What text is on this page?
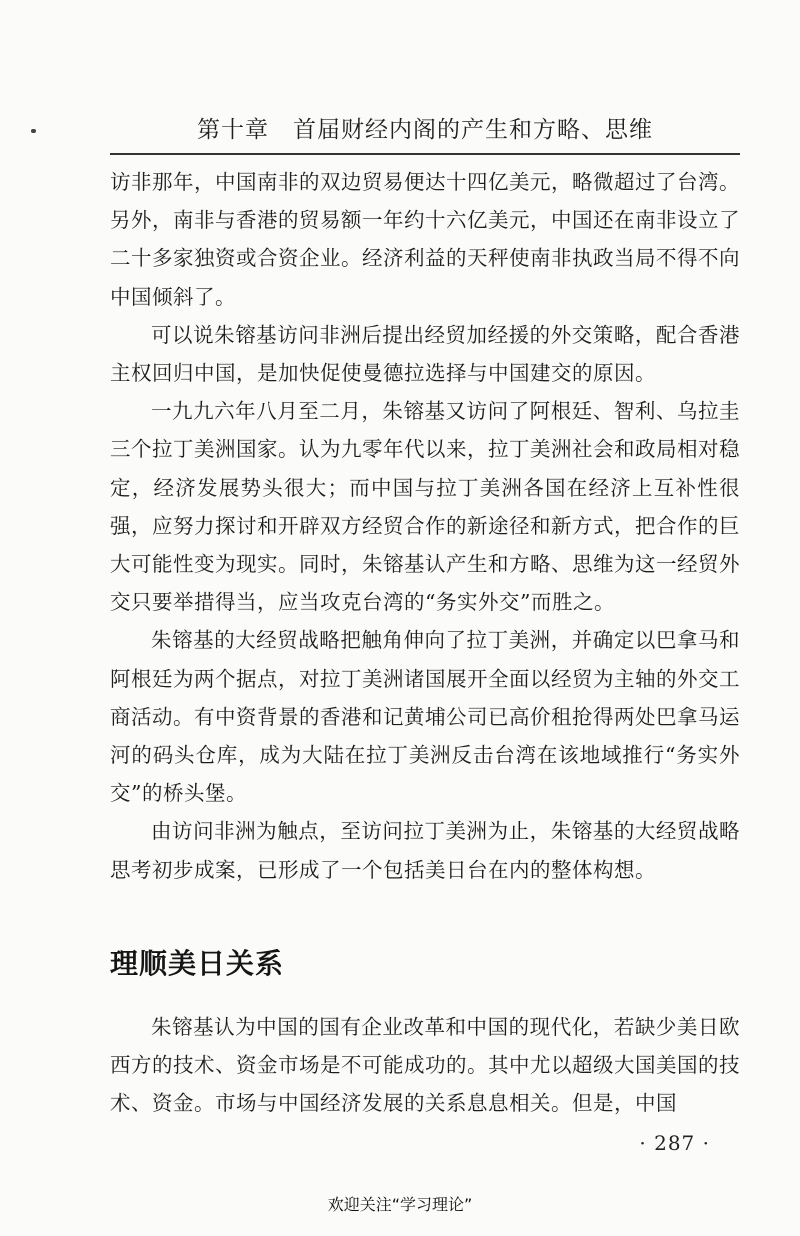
第十章　首届财经内阁的产生和方略、思维

访非那年，中国南非的双边贸易便达十四亿美元，略微超过了台湾。另外，南非与香港的贸易额一年约十六亿美元，中国还在南非设立了二十多家独资或合资企业。经济利益的天秤使南非执政当局不得不向中国倾斜了。

可以说朱镕基访问非洲后提出经贸加经援的外交策略，配合香港主权回归中国，是加快促使曼德拉选择与中国建交的原因。

一九九六年八月至二月，朱镕基又访问了阿根廷、智利、乌拉圭三个拉丁美洲国家。认为九零年代以来，拉丁美洲社会和政局相对稳定，经济发展势头很大；而中国与拉丁美洲各国在经济上互补性很强，应努力探讨和开辟双方经贸合作的新途径和新方式，把合作的巨大可能性变为现实。同时，朱镕基认产生和方略、思维为这一经贸外交只要举措得当，应当攻克台湾的“务实外交”而胜之。

朱镕基的大经贸战略把触角伸向了拉丁美洲，并确定以巴拿马和阿根廷为两个据点，对拉丁美洲诸国展开全面以经贸为主轴的外交工商活动。有中资背景的香港和记黄埔公司已高价租抢得两处巴拿马运河的码头仓库，成为大陆在拉丁美洲反击台湾在该地域推行“务实外交”的桥头堡。

由访问非洲为触点，至访问拉丁美洲为止，朱镕基的大经贸战略思考初步成案，已形成了一个包括美日台在内的整体构想。

理顺美日关系

朱镕基认为中国的国有企业改革和中国的现代化，若缺少美日欧西方的技术、资金市场是不可能成功的。其中尤以超级大国美国的技术、资金。市场与中国经济发展的关系息息相关。但是，中国

· 287 ·
欢迎关注“学习理论”
